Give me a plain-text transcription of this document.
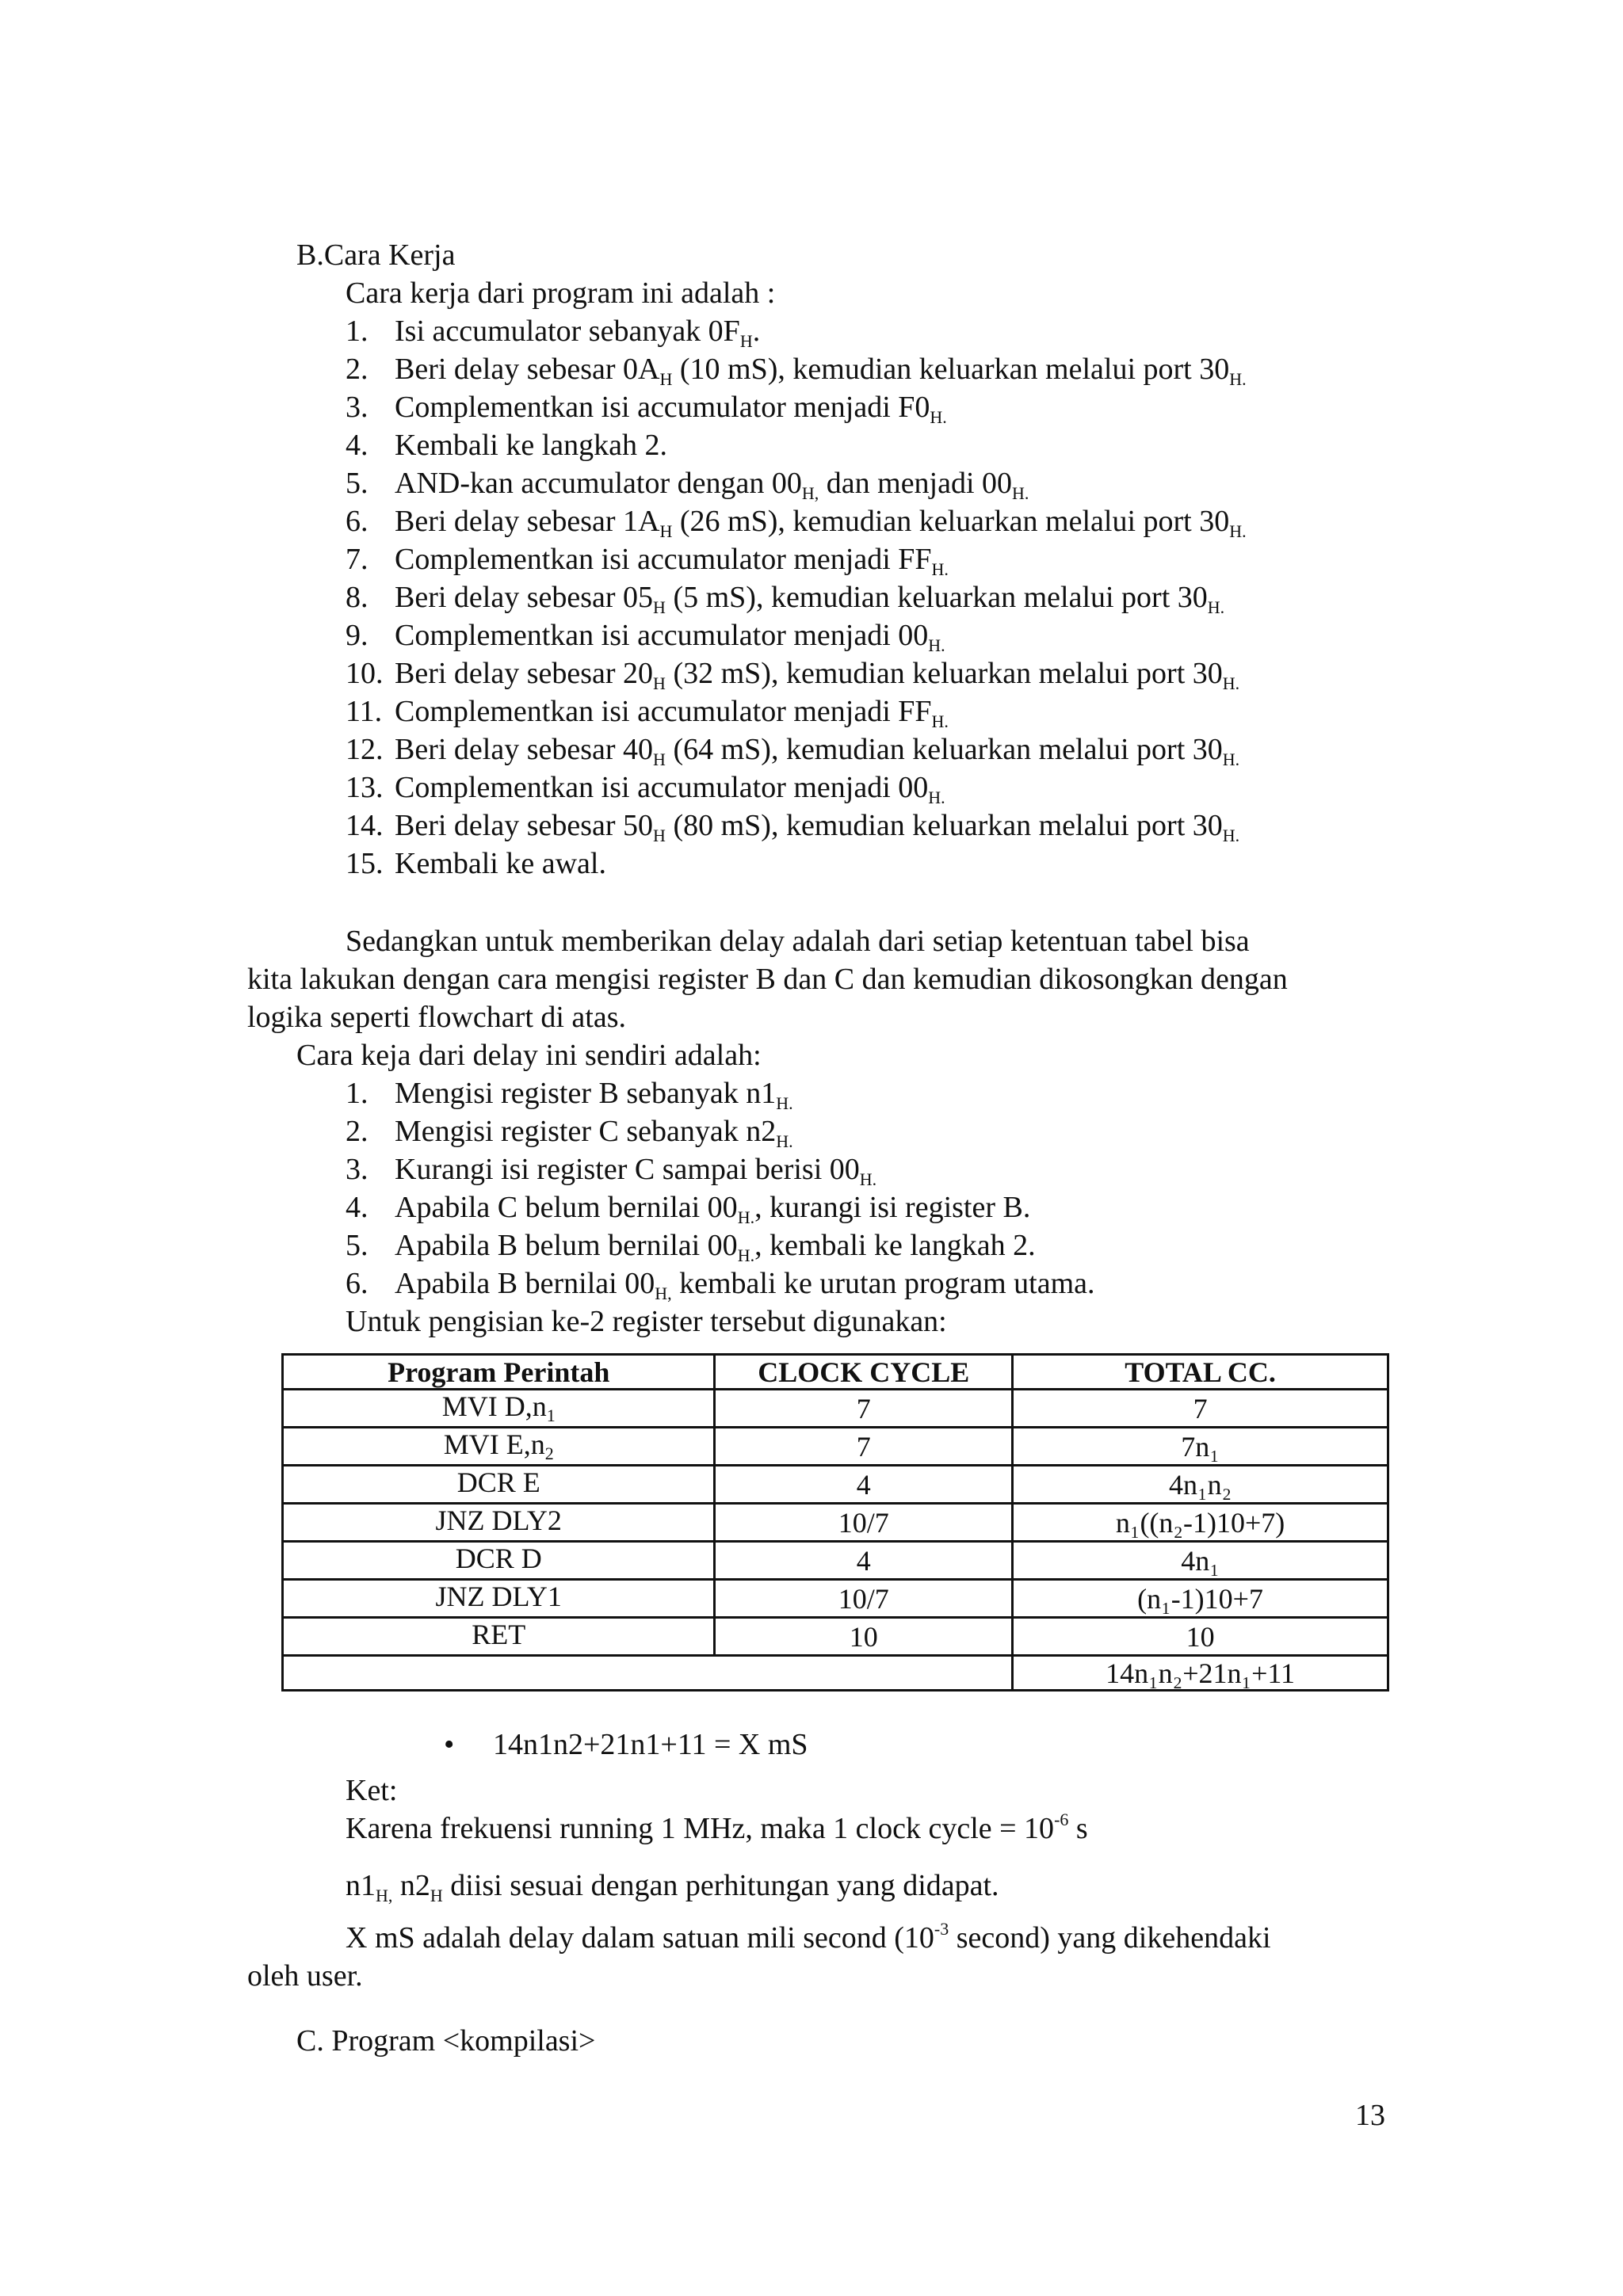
B.Cara Kerja
Cara kerja dari program ini adalah :
1. Isi accumulator sebanyak $0F_H$.
2. Beri delay sebesar $0A_H$ (10 mS), kemudian keluarkan melalui port $30_{H.}$
3. Complementkan isi accumulator menjadi $F0_{H.}$
4. Kembali ke langkah 2.
5. AND-kan accumulator dengan $00_{H,}$ dan menjadi $00_{H.}$
6. Beri delay sebesar $1A_H$ (26 mS), kemudian keluarkan melalui port $30_{H.}$
7. Complementkan isi accumulator menjadi $FF_{H.}$
8. Beri delay sebesar $05_H$ (5 mS), kemudian keluarkan melalui port $30_{H.}$
9. Complementkan isi accumulator menjadi $00_{H.}$
10. Beri delay sebesar $20_H$ (32 mS), kemudian keluarkan melalui port $30_{H.}$
11. Complementkan isi accumulator menjadi $FF_{H.}$
12. Beri delay sebesar $40_H$ (64 mS), kemudian keluarkan melalui port $30_{H.}$
13. Complementkan isi accumulator menjadi $00_{H.}$
14. Beri delay sebesar $50_H$ (80 mS), kemudian keluarkan melalui port $30_{H.}$
15. Kembali ke awal.
Sedangkan untuk memberikan delay adalah dari setiap ketentuan tabel bisa
kita lakukan dengan cara mengisi register B dan C dan kemudian dikosongkan dengan
logika seperti flowchart di atas.
Cara keja dari delay ini sendiri adalah:
1. Mengisi register B sebanyak $n1_{H.}$
2. Mengisi register C sebanyak $n2_{H.}$
3. Kurangi isi register C sampai berisi $00_{H.}$
4. Apabila C belum bernilai $00_{H.}$, kurangi isi register B.
5. Apabila B belum bernilai $00_{H.}$, kembali ke langkah 2.
6. Apabila B bernilai $00_{H,}$ kembali ke urutan program utama.
Untuk pengisian ke-2 register tersebut digunakan:
Program Perintah	CLOCK CYCLE	TOTAL CC.
MVI D,n1	7	7
MVI E,n2	7	7n₁
DCR E	4	4n₁n₂
JNZ DLY2	10/7	n₁((n₂-1)10+7)
DCR D	4	4n₁
JNZ DLY1	10/7	(n₁-1)10+7
RET	10	10
		14n₁n₂+21n₁+11
• 14n1n2+21n1+11 = X mS
Ket:
Karena frekuensi running 1 MHz, maka 1 clock cycle = $10^{-6}$ s
$n1_{H,}$ $n2_H$ diisi sesuai dengan perhitungan yang didapat.
X mS adalah delay dalam satuan mili second ($10^{-3}$ second) yang dikehendaki
oleh user.
C. Program <kompilasi>
13
